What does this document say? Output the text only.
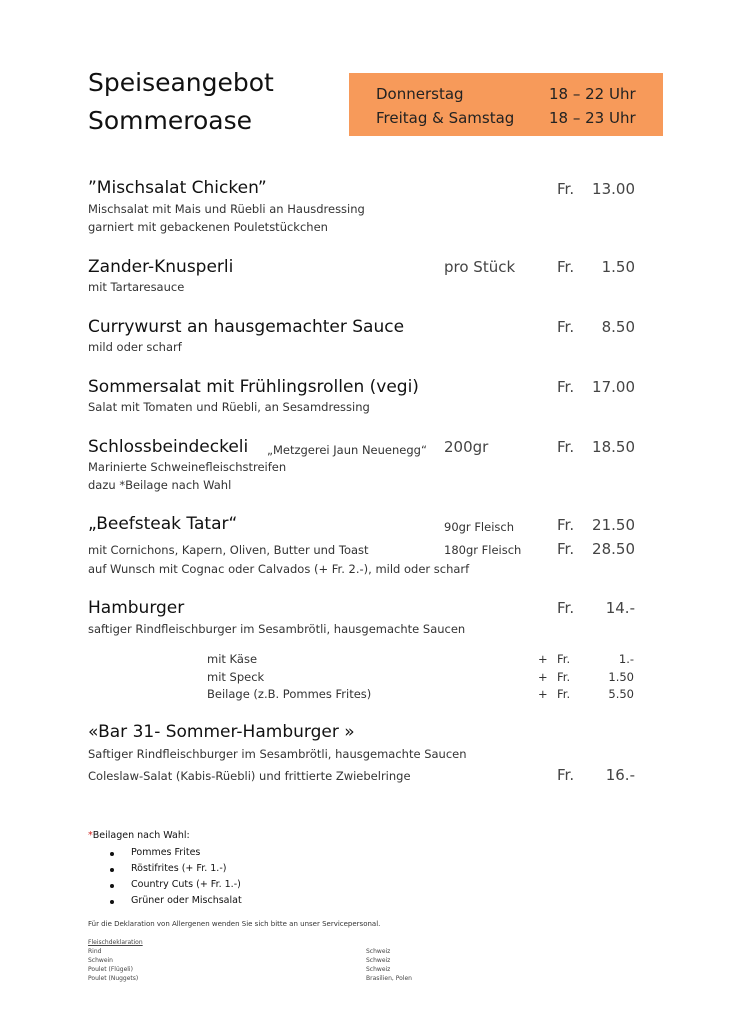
Speiseangebot
Sommeroase
Donnerstag	18 – 22 Uhr
Freitag & Samstag 18 – 23 Uhr
”Mischsalat Chicken”	Fr.	13.00
Mischsalat mit Mais und Rüebli an Hausdressing
garniert mit gebackenen Pouletstückchen
Zander-Knusperli	pro Stück	Fr.	1.50
mit Tartaresauce
Currywurst an hausgemachter Sauce	Fr.	8.50
mild oder scharf
Sommersalat mit Frühlingsrollen (vegi)	Fr.	17.00
Salat mit Tomaten und Rüebli, an Sesamdressing
Schlossbeindeckeli „Metzgerei Jaun Neuenegg“ 200gr	Fr.	18.50
Marinierte Schweinefleischstreifen
dazu *Beilage nach Wahl
„Beefsteak Tatar“	90gr Fleisch	Fr.	21.50
mit Cornichons, Kapern, Oliven, Butter und Toast	180gr Fleisch Fr.	28.50
auf Wunsch mit Cognac oder Calvados (+ Fr. 2.-), mild oder scharf
Hamburger	Fr.	14.-
saftiger Rindfleischburger im Sesambrötli, hausgemachte Saucen
mit Käse	+ Fr.	1.-
mit Speck	+ Fr.	1.50
Beilage (z.B. Pommes Frites)	+ Fr.	5.50
«Bar 31- Sommer-Hamburger »
Saftiger Rindfleischburger im Sesambrötli, hausgemachte Saucen
Coleslaw-Salat (Kabis-Rüebli) und frittierte Zwiebelringe	Fr.	16.-
*Beilagen nach Wahl:
Pommes Frites
Röstifrites (+ Fr. 1.-)
Country Cuts (+ Fr. 1.-)
Grüner oder Mischsalat
Für die Deklaration von Allergenen wenden Sie sich bitte an unser Servicepersonal.
Fleischdeklaration
Rind	Schweiz
Schwein	Schweiz
Poulet (Flügeli)	Schweiz
Poulet (Nuggets)	Brasilien, Polen
